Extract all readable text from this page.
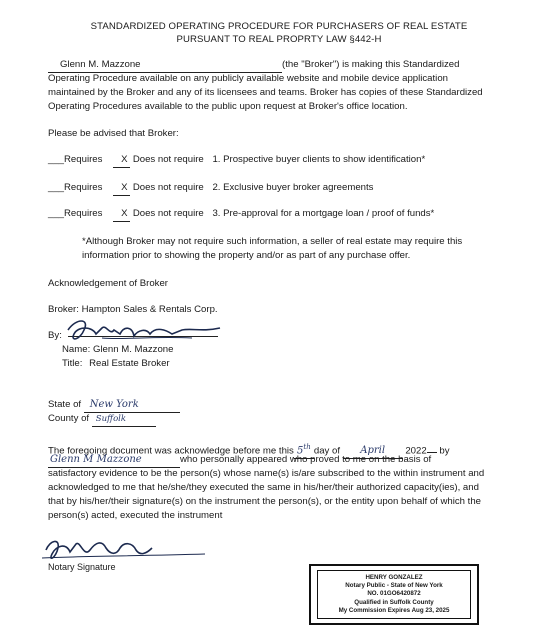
STANDARDIZED OPERATING PROCEDURE FOR PURCHASERS OF REAL ESTATE
PURSUANT TO REAL PROPRTY LAW §442-H
Glenn M. Mazzone	(the "Broker") is making this Standardized
Operating Procedure available on any publicly available website and mobile device application
maintained by the Broker and any of its licensees and teams. Broker has copies of these Standardized
Operating Procedures available to the public upon request at Broker's office location.
Please be advised that Broker:
___Requires X Does not require 1. Prospective buyer clients to show identification*
___Requires X Does not require 2. Exclusive buyer broker agreements
___Requires X Does not require 3. Pre-approval for a mortgage loan / proof of funds*
*Although Broker may not require such information, a seller of real estate may require this
information prior to showing the property and/or as part of any purchase offer.
Acknowledgement of Broker
Broker: Hampton Sales & Rentals Corp.
By:
Name: Glenn M. Mazzone
Title: Real Estate Broker
State of New York
County of Suffolk
The foregoing document was acknowledge before me this 5th day of April 2022 by
Glenn M Mazzone	who personally appeared who proved to me on the basis of
satisfactory evidence to be the person(s) whose name(s) is/are subscribed to the within instrument and
acknowledged to me that he/she/they executed the same in his/her/their authorized capacity(ies), and
that by his/her/their signature(s) on the instrument the person(s), or the entity upon behalf of which the
person(s) acted, executed the instrument
Notary Signature
HENRY GONZALEZ
Notary Public - State of New York
NO. 01GO6420872
Qualified in Suffolk County
My Commission Expires Aug 23, 2025
